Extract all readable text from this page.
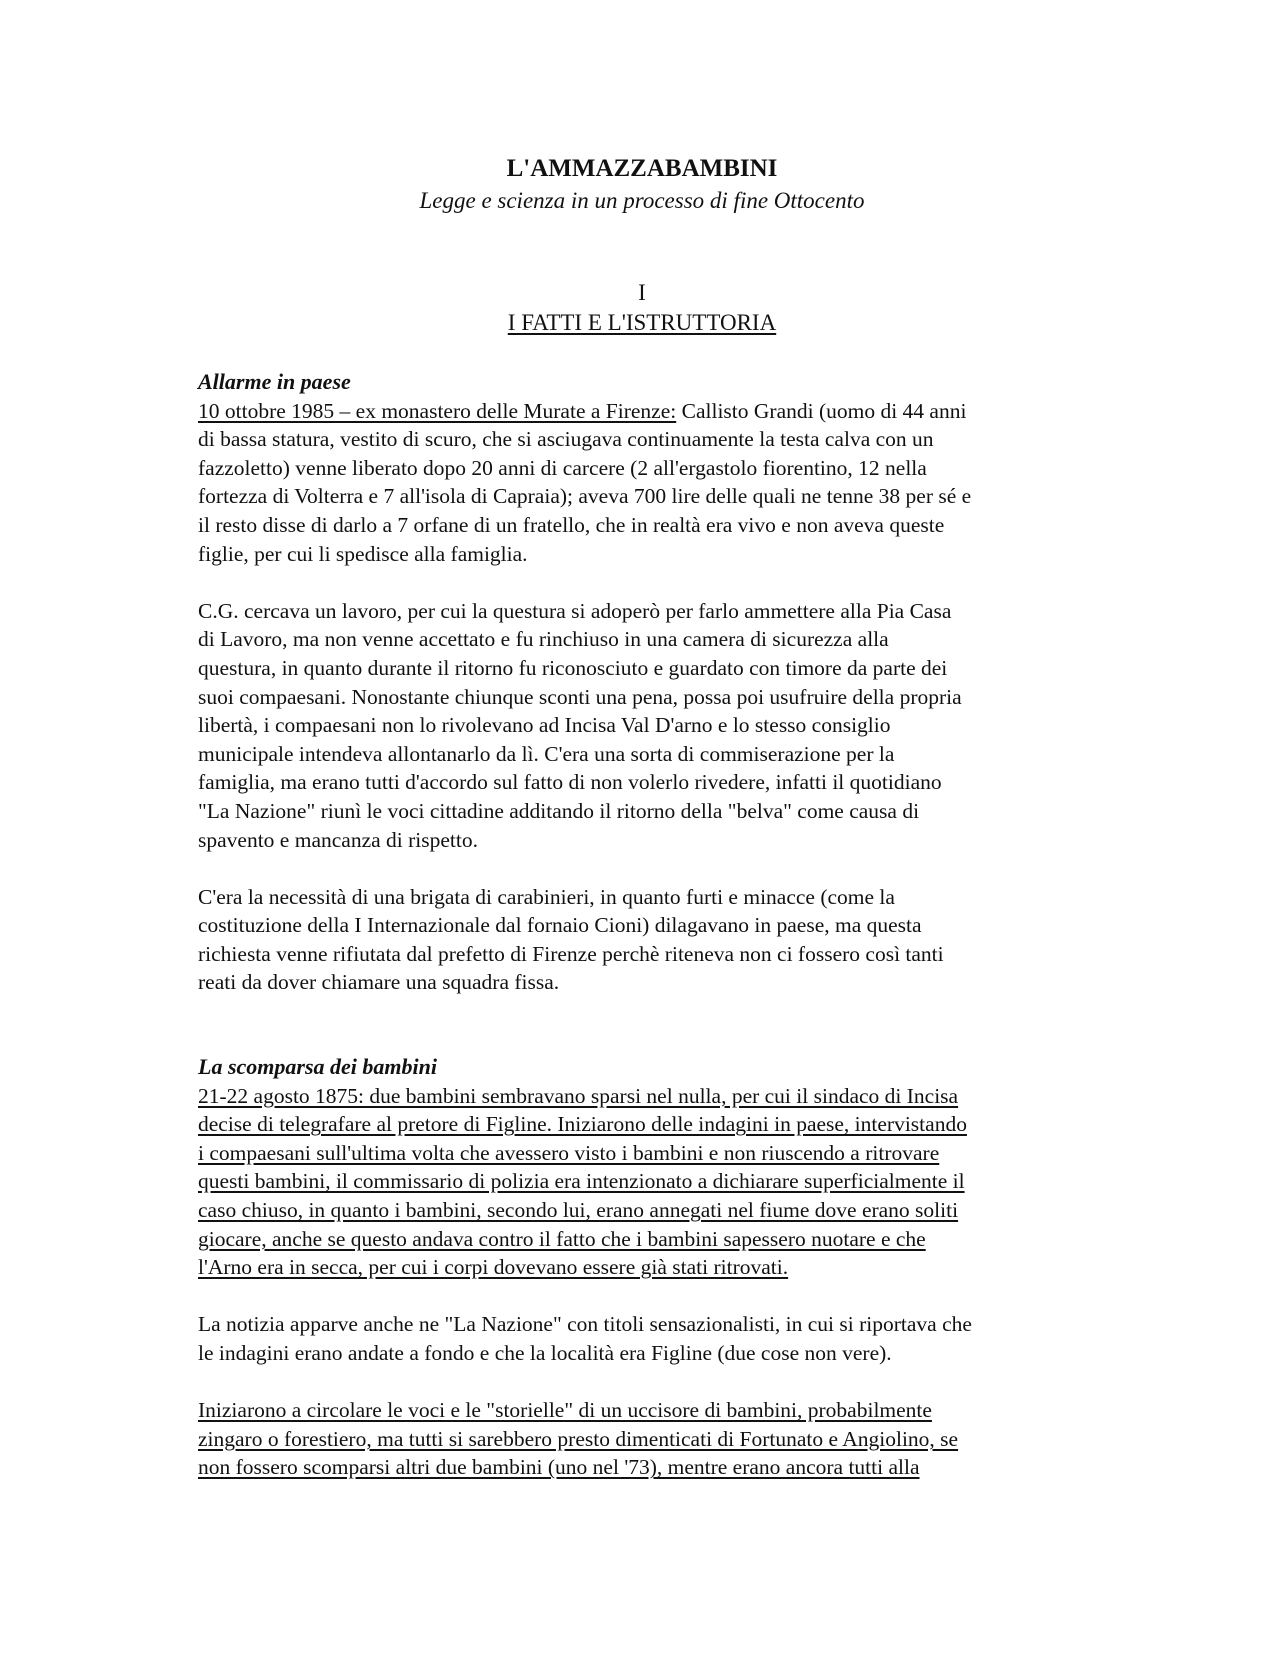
L'AMMAZZABAMBINI

Legge e scienza in un processo di fine Ottocento

I

I FATTI E L'ISTRUTTORIA

Allarme in paese

10 ottobre 1985 – ex monastero delle Murate a Firenze: Callisto Grandi (uomo di 44 anni
di bassa statura, vestito di scuro, che si asciugava continuamente la testa calva con un
fazzoletto) venne liberato dopo 20 anni di carcere (2 all'ergastolo fiorentino, 12 nella
fortezza di Volterra e 7 all'isola di Capraia); aveva 700 lire delle quali ne tenne 38 per sé e
il resto disse di darlo a 7 orfane di un fratello, che in realtà era vivo e non aveva queste
figlie, per cui li spedisce alla famiglia.

C.G. cercava un lavoro, per cui la questura si adoperò per farlo ammettere alla Pia Casa
di Lavoro, ma non venne accettato e fu rinchiuso in una camera di sicurezza alla
questura, in quanto durante il ritorno fu riconosciuto e guardato con timore da parte dei
suoi compaesani. Nonostante chiunque sconti una pena, possa poi usufruire della propria
libertà, i compaesani non lo rivolevano ad Incisa Val D'arno e lo stesso consiglio
municipale intendeva allontanarlo da lì. C'era una sorta di commiserazione per la
famiglia, ma erano tutti d'accordo sul fatto di non volerlo rivedere, infatti il quotidiano
"La Nazione" riunì le voci cittadine additando il ritorno della "belva" come causa di
spavento e mancanza di rispetto.

C'era la necessità di una brigata di carabinieri, in quanto furti e minacce (come la
costituzione della I Internazionale dal fornaio Cioni) dilagavano in paese, ma questa
richiesta venne rifiutata dal prefetto di Firenze perchè riteneva non ci fossero così tanti
reati da dover chiamare una squadra fissa.

La scomparsa dei bambini

21-22 agosto 1875: due bambini sembravano sparsi nel nulla, per cui il sindaco di Incisa
decise di telegrafare al pretore di Figline. Iniziarono delle indagini in paese, intervistando
i compaesani sull'ultima volta che avessero visto i bambini e non riuscendo a ritrovare
questi bambini, il commissario di polizia era intenzionato a dichiarare superficialmente il
caso chiuso, in quanto i bambini, secondo lui, erano annegati nel fiume dove erano soliti
giocare, anche se questo andava contro il fatto che i bambini sapessero nuotare e che
l'Arno era in secca, per cui i corpi dovevano essere già stati ritrovati.

La notizia apparve anche ne "La Nazione" con titoli sensazionalisti, in cui si riportava che
le indagini erano andate a fondo e che la località era Figline (due cose non vere).

Iniziarono a circolare le voci e le "storielle" di un uccisore di bambini, probabilmente
zingaro o forestiero, ma tutti si sarebbero presto dimenticati di Fortunato e Angiolino, se
non fossero scomparsi altri due bambini (uno nel '73), mentre erano ancora tutti alla
